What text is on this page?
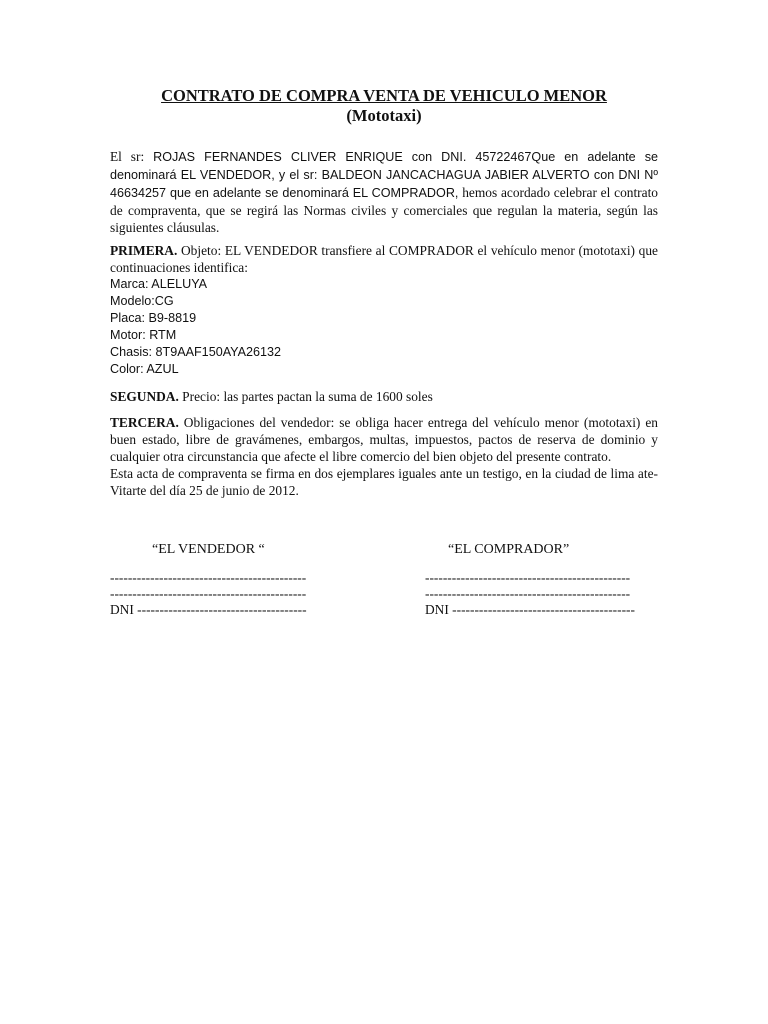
CONTRATO DE COMPRA VENTA DE VEHICULO MENOR
(Mototaxi)
El sr: ROJAS FERNANDES CLIVER ENRIQUE con DNI. 45722467Que en adelante se denominará EL VENDEDOR, y el sr: BALDEON JANCACHAGUA JABIER ALVERTO con DNI Nº 46634257 que en adelante se denominará EL COMPRADOR, hemos acordado celebrar el contrato de compraventa, que se regirá las Normas civiles y comerciales que regulan la materia, según las siguientes cláusulas.
PRIMERA. Objeto: EL VENDEDOR transfiere al COMPRADOR el vehículo menor (mototaxi) que continuaciones identifica:
Marca: ALELUYA
Modelo:CG
Placa: B9-8819
Motor: RTM
Chasis: 8T9AAF150AYA26132
Color: AZUL
SEGUNDA. Precio: las partes pactan la suma de 1600 soles
TERCERA. Obligaciones del vendedor: se obliga hacer entrega del vehículo menor (mototaxi) en buen estado, libre de gravámenes, embargos, multas, impuestos, pactos de reserva de dominio y cualquier otra circunstancia que afecte el libre comercio del bien objeto del presente contrato.
Esta acta de compraventa se firma en dos ejemplares iguales ante un testigo, en la ciudad de lima ate-Vitarte del día 25 de junio de 2012.
“EL VENDEDOR “	“EL COMPRADOR”
--------------------------------------------
--------------------------------------------
DNI --------------------------------------
----------------------------------------------
----------------------------------------------
DNI -----------------------------------------
